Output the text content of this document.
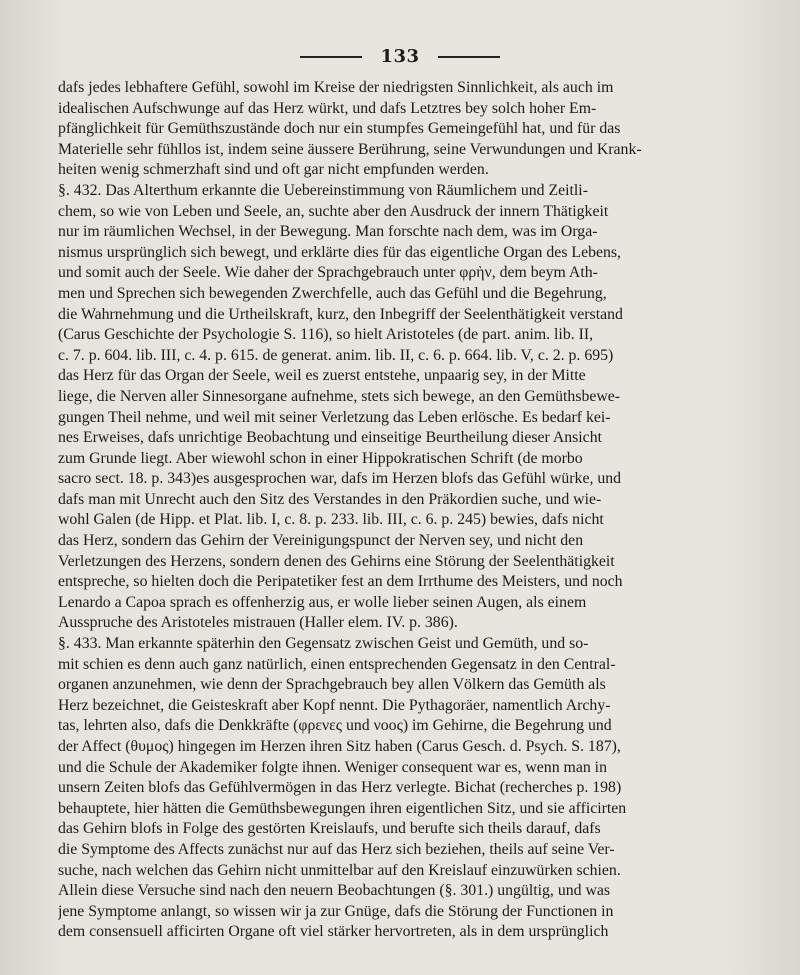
133
dafs jedes lebhaftere Gefühl, sowohl im Kreise der niedrigsten Sinnlichkeit, als auch im
idealischen Aufschwunge auf das Herz würkt, und dafs Letztres bey solch hoher Em-
pfänglichkeit für Gemüthszustände doch nur ein stumpfes Gemeingefühl hat, und für das
Materielle sehr fühllos ist, indem seine äussere Berührung, seine Verwundungen und Krank-
heiten wenig schmerzhaft sind und oft gar nicht empfunden werden.
§. 432. Das Alterthum erkannte die Uebereinstimmung von Räumlichem und Zeitli-
chem, so wie von Leben und Seele, an, suchte aber den Ausdruck der innern Thätigkeit
nur im räumlichen Wechsel, in der Bewegung. Man forschte nach dem, was im Orga-
nismus ursprünglich sich bewegt, und erklärte dies für das eigentliche Organ des Lebens,
und somit auch der Seele. Wie daher der Sprachgebrauch unter φρὴν, dem beym Ath-
men und Sprechen sich bewegenden Zwerchfelle, auch das Gefühl und die Begehrung,
die Wahrnehmung und die Urtheilskraft, kurz, den Inbegriff der Seelenthätigkeit verstand
(Carus Geschichte der Psychologie S. 116), so hielt Aristoteles (de part. anim. lib. II,
c. 7. p. 604. lib. III, c. 4. p. 615. de generat. anim. lib. II, c. 6. p. 664. lib. V, c. 2. p. 695)
das Herz für das Organ der Seele, weil es zuerst entstehe, unpaarig sey, in der Mitte
liege, die Nerven aller Sinnesorgane aufnehme, stets sich bewege, an den Gemüthsbewe-
gungen Theil nehme, und weil mit seiner Verletzung das Leben erlösche. Es bedarf kei-
nes Erweises, dafs unrichtige Beobachtung und einseitige Beurtheilung dieser Ansicht
zum Grunde liegt. Aber wiewohl schon in einer Hippokratischen Schrift (de morbo
sacro sect. 18. p. 343)es ausgesprochen war, dafs im Herzen blofs das Gefühl würke, und
dafs man mit Unrecht auch den Sitz des Verstandes in den Präkordien suche, und wie-
wohl Galen (de Hipp. et Plat. lib. I, c. 8. p. 233. lib. III, c. 6. p. 245) bewies, dafs nicht
das Herz, sondern das Gehirn der Vereinigungspunct der Nerven sey, und nicht den
Verletzungen des Herzens, sondern denen des Gehirns eine Störung der Seelenthätigkeit
entspreche, so hielten doch die Peripatetiker fest an dem Irrthume des Meisters, und noch
Lenardo a Capoa sprach es offenherzig aus, er wolle lieber seinen Augen, als einem
Ausspruche des Aristoteles mistrauen (Haller elem. IV. p. 386).
§. 433. Man erkannte späterhin den Gegensatz zwischen Geist und Gemüth, und so-
mit schien es denn auch ganz natürlich, einen entsprechenden Gegensatz in den Central-
organen anzunehmen, wie denn der Sprachgebrauch bey allen Völkern das Gemüth als
Herz bezeichnet, die Geisteskraft aber Kopf nennt. Die Pythagoräer, namentlich Archy-
tas, lehrten also, dafs die Denkkräfte (φρενες und νοος) im Gehirne, die Begehrung und
der Affect (θυμος) hingegen im Herzen ihren Sitz haben (Carus Gesch. d. Psych. S. 187),
und die Schule der Akademiker folgte ihnen. Weniger consequent war es, wenn man in
unsern Zeiten blofs das Gefühlvermögen in das Herz verlegte. Bichat (recherches p. 198)
behauptete, hier hätten die Gemüthsbewegungen ihren eigentlichen Sitz, und sie afficirten
das Gehirn blofs in Folge des gestörten Kreislaufs, und berufte sich theils darauf, dafs
die Symptome des Affects zunächst nur auf das Herz sich beziehen, theils auf seine Ver-
suche, nach welchen das Gehirn nicht unmittelbar auf den Kreislauf einzuwürken schien.
Allein diese Versuche sind nach den neuern Beobachtungen (§. 301.) ungültig, und was
jene Symptome anlangt, so wissen wir ja zur Gnüge, dafs die Störung der Functionen in
dem consensuell afficirten Organe oft viel stärker hervortreten, als in dem ursprünglich
